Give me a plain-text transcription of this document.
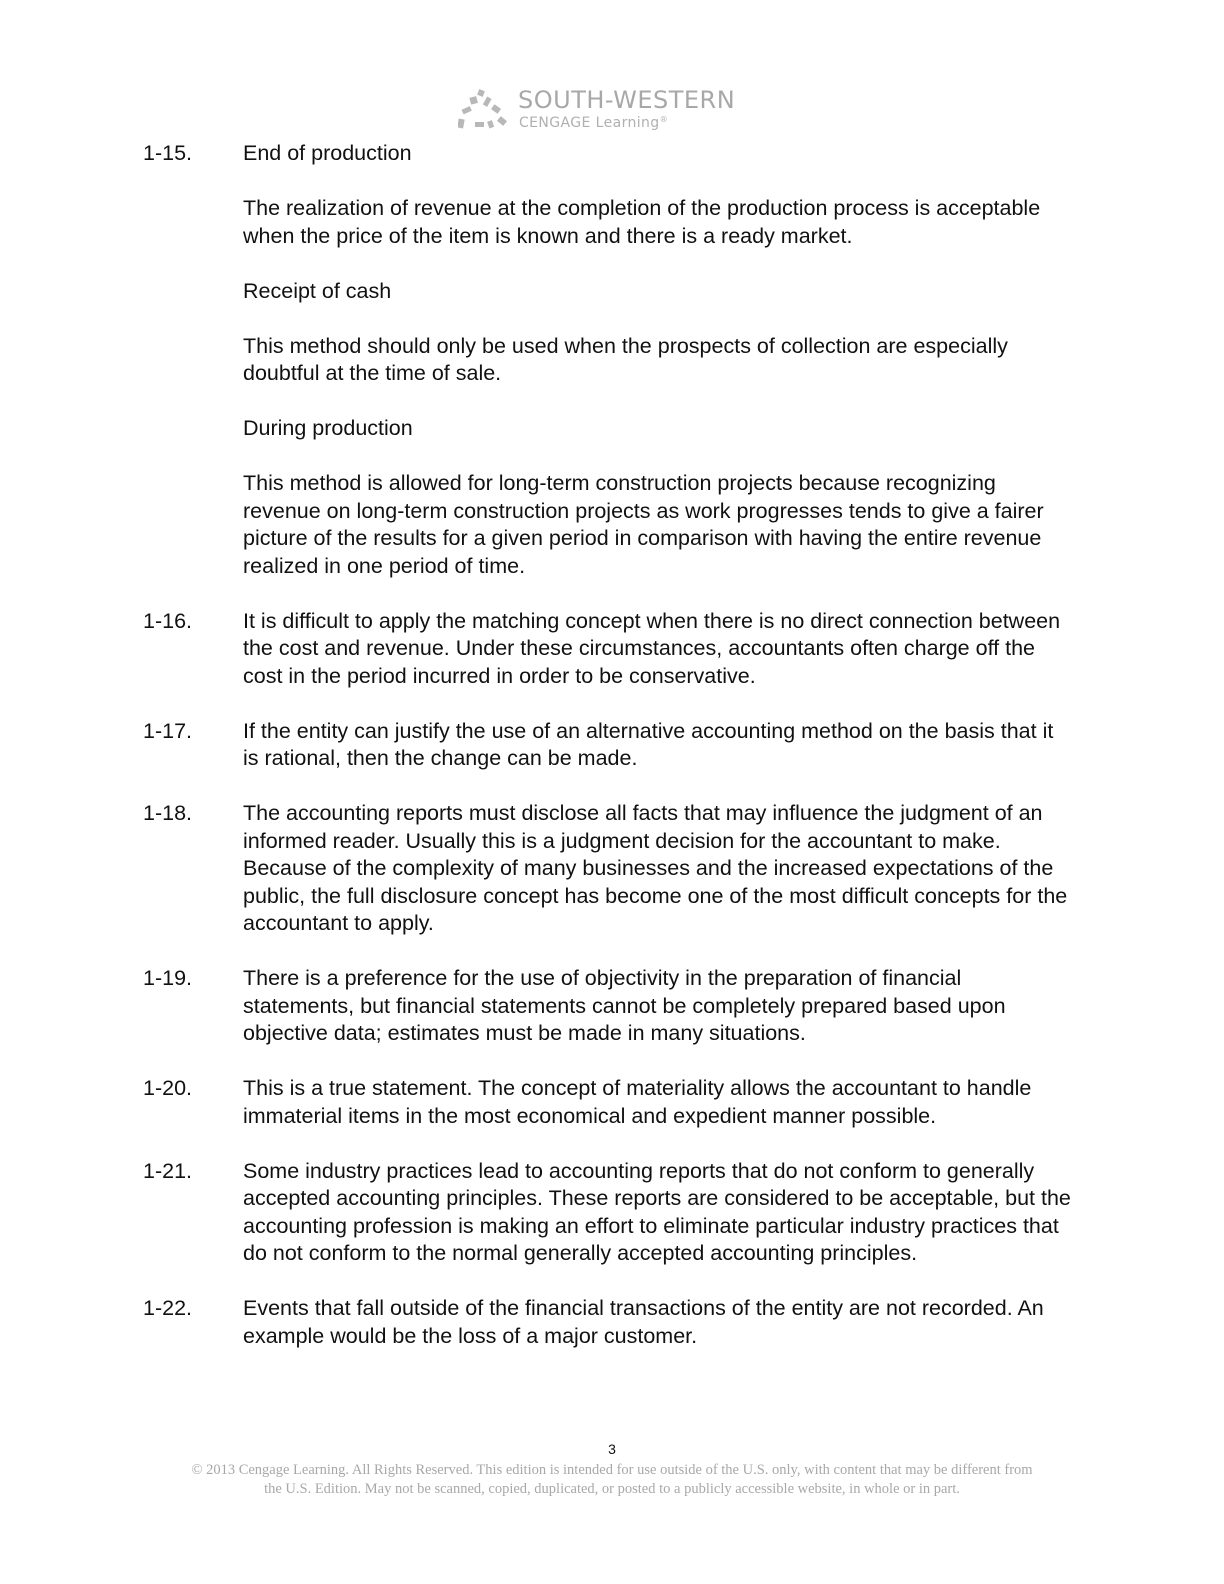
SOUTH-WESTERN
CENGAGE Learning®
1-15. End of production
The realization of revenue at the completion of the production process is acceptable when the price of the item is known and there is a ready market.
Receipt of cash
This method should only be used when the prospects of collection are especially doubtful at the time of sale.
During production
This method is allowed for long-term construction projects because recognizing revenue on long-term construction projects as work progresses tends to give a fairer picture of the results for a given period in comparison with having the entire revenue realized in one period of time.
1-16. It is difficult to apply the matching concept when there is no direct connection between the cost and revenue. Under these circumstances, accountants often charge off the cost in the period incurred in order to be conservative.
1-17. If the entity can justify the use of an alternative accounting method on the basis that it is rational, then the change can be made.
1-18. The accounting reports must disclose all facts that may influence the judgment of an informed reader. Usually this is a judgment decision for the accountant to make. Because of the complexity of many businesses and the increased expectations of the public, the full disclosure concept has become one of the most difficult concepts for the accountant to apply.
1-19. There is a preference for the use of objectivity in the preparation of financial statements, but financial statements cannot be completely prepared based upon objective data; estimates must be made in many situations.
1-20. This is a true statement. The concept of materiality allows the accountant to handle immaterial items in the most economical and expedient manner possible.
1-21. Some industry practices lead to accounting reports that do not conform to generally accepted accounting principles. These reports are considered to be acceptable, but the accounting profession is making an effort to eliminate particular industry practices that do not conform to the normal generally accepted accounting principles.
1-22. Events that fall outside of the financial transactions of the entity are not recorded. An example would be the loss of a major customer.
3
© 2013 Cengage Learning. All Rights Reserved. This edition is intended for use outside of the U.S. only, with content that may be different from
the U.S. Edition. May not be scanned, copied, duplicated, or posted to a publicly accessible website, in whole or in part.
